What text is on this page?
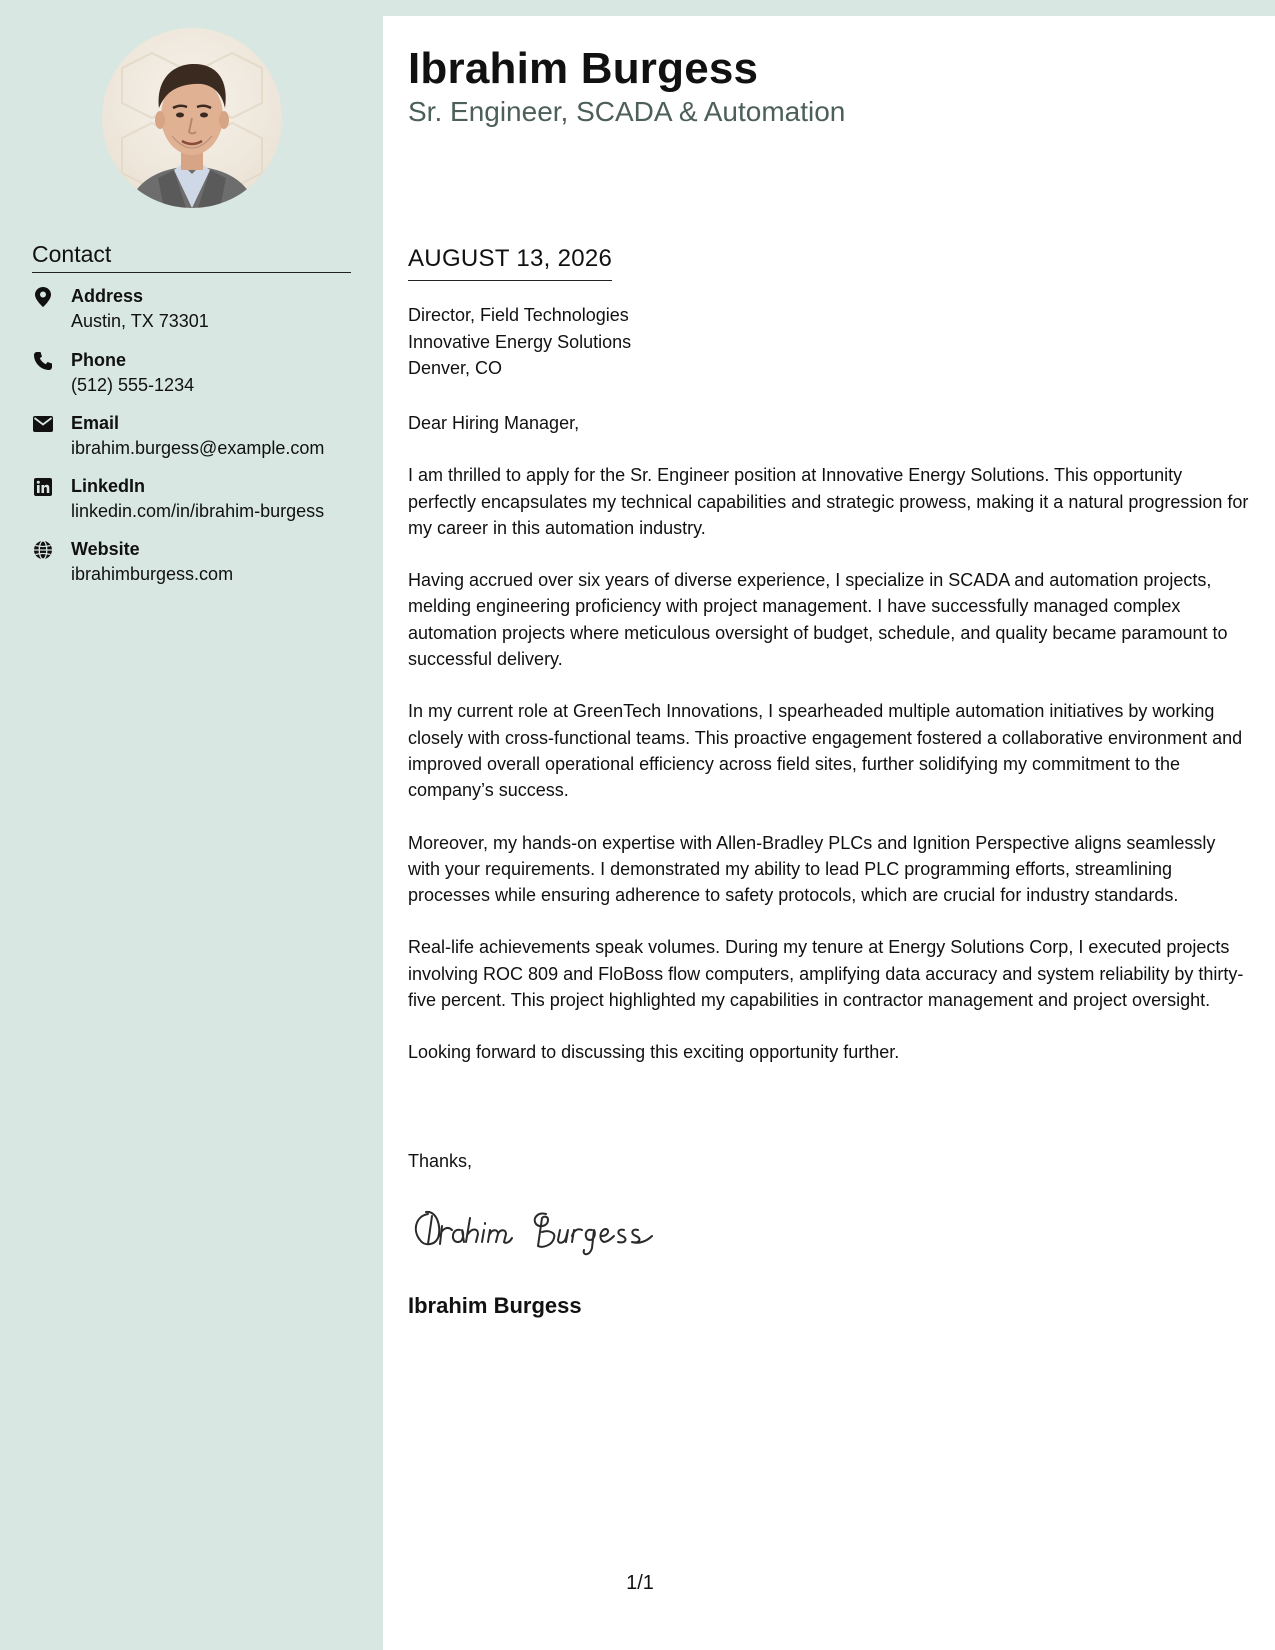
Contact
Address
Austin, TX 73301
Phone
(512) 555-1234
Email
ibrahim.burgess@example.com
LinkedIn
linkedin.com/in/ibrahim-burgess
Website
ibrahimburgess.com
Ibrahim Burgess
Sr. Engineer, SCADA & Automation
AUGUST 13, 2026
Director, Field Technologies
Innovative Energy Solutions
Denver, CO

Dear Hiring Manager,

I am thrilled to apply for the Sr. Engineer position at Innovative Energy Solutions. This opportunity perfectly encapsulates my technical capabilities and strategic prowess, making it a natural progression for my career in this automation industry.

Having accrued over six years of diverse experience, I specialize in SCADA and automation projects, melding engineering proficiency with project management. I have successfully managed complex automation projects where meticulous oversight of budget, schedule, and quality became paramount to successful delivery.

In my current role at GreenTech Innovations, I spearheaded multiple automation initiatives by working closely with cross-functional teams. This proactive engagement fostered a collaborative environment and improved overall operational efficiency across field sites, further solidifying my commitment to the company’s success.

Moreover, my hands-on expertise with Allen-Bradley PLCs and Ignition Perspective aligns seamlessly with your requirements. I demonstrated my ability to lead PLC programming efforts, streamlining processes while ensuring adherence to safety protocols, which are crucial for industry standards.

Real-life achievements speak volumes. During my tenure at Energy Solutions Corp, I executed projects involving ROC 809 and FloBoss flow computers, amplifying data accuracy and system reliability by thirty-five percent. This project highlighted my capabilities in contractor management and project oversight.

Looking forward to discussing this exciting opportunity further.

Thanks,
Ibrahim Burgess
1/1
